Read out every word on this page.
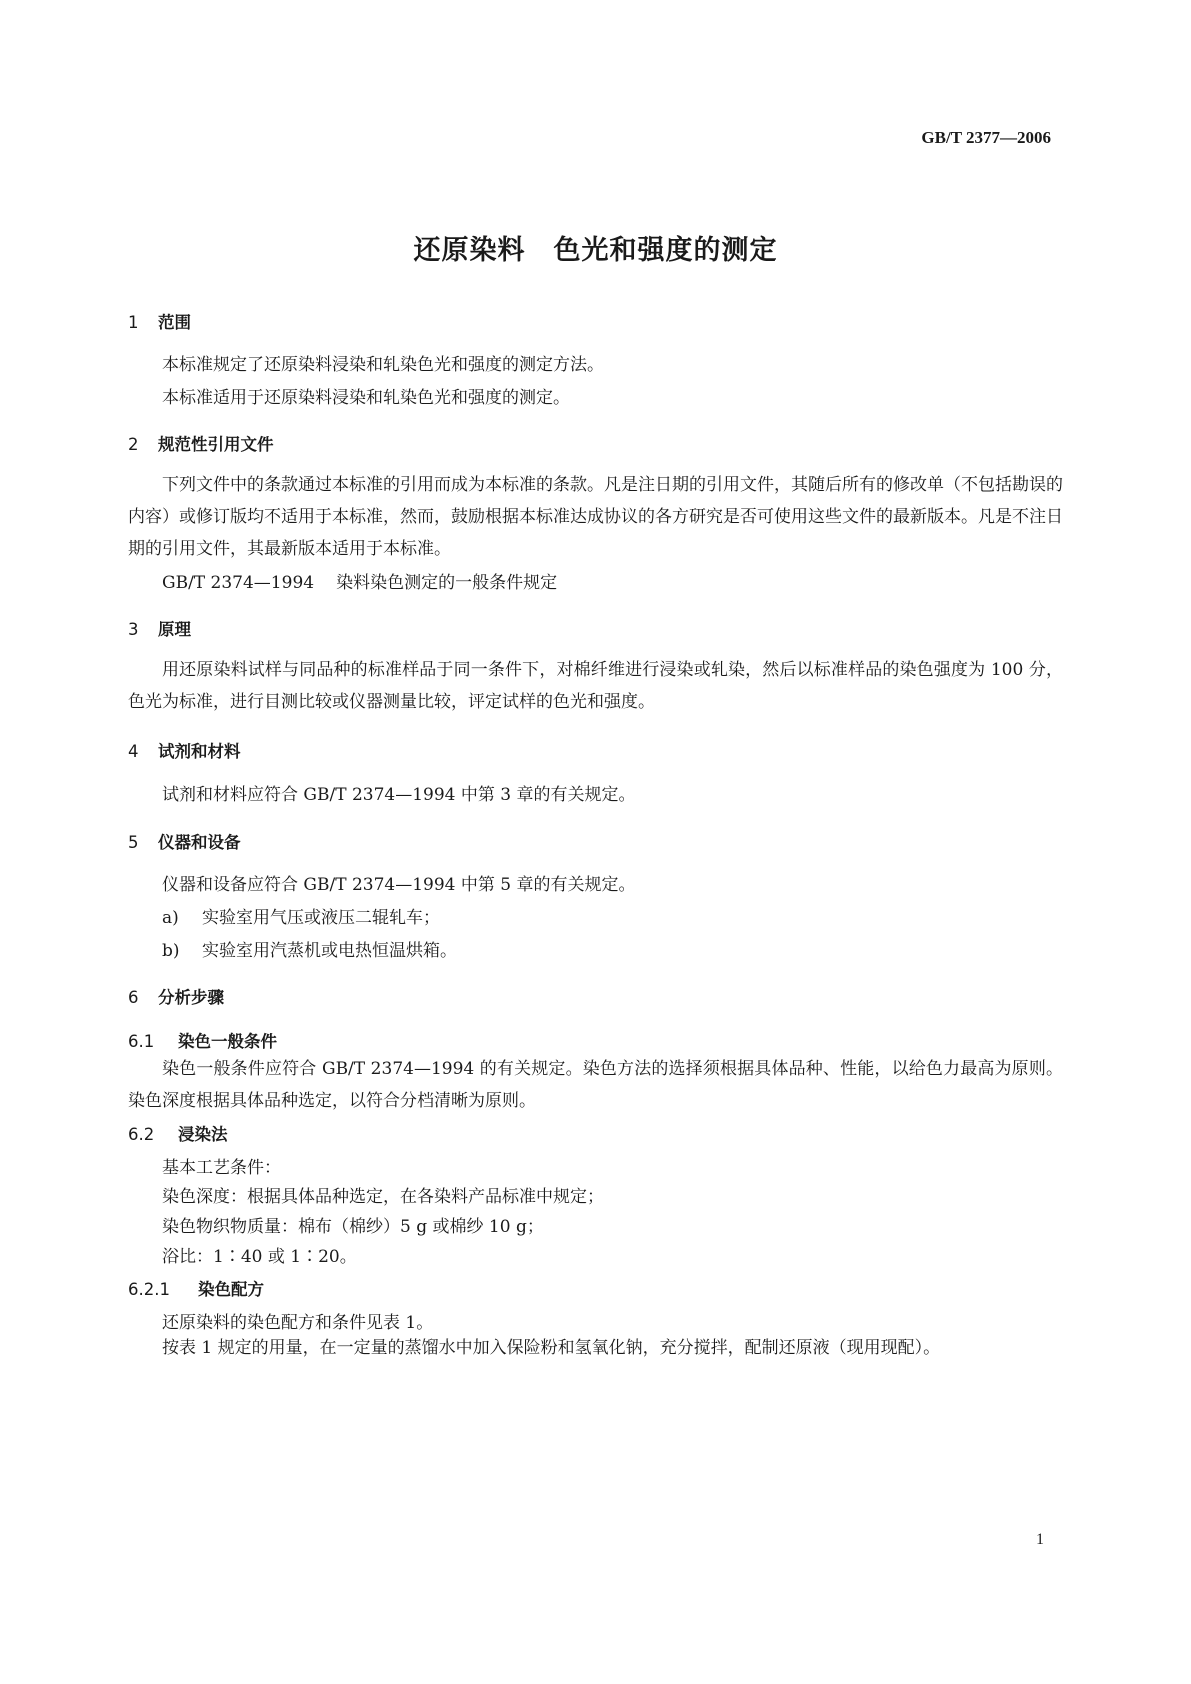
GB/T 2377—2006
还原染料　色光和强度的测定
1 范围
本标准规定了还原染料浸染和轧染色光和强度的测定方法。
本标准适用于还原染料浸染和轧染色光和强度的测定。
2 规范性引用文件
下列文件中的条款通过本标准的引用而成为本标准的条款。凡是注日期的引用文件，其随后所有的修改单（不包括勘误的内容）或修订版均不适用于本标准，然而，鼓励根据本标准达成协议的各方研究是否可使用这些文件的最新版本。凡是不注日期的引用文件，其最新版本适用于本标准。
GB/T 2374—1994 染料染色测定的一般条件规定
3 原理
用还原染料试样与同品种的标准样品于同一条件下，对棉纤维进行浸染或轧染，然后以标准样品的染色强度为 100 分，色光为标准，进行目测比较或仪器测量比较，评定试样的色光和强度。
4 试剂和材料
试剂和材料应符合 GB/T 2374—1994 中第 3 章的有关规定。
5 仪器和设备
仪器和设备应符合 GB/T 2374—1994 中第 5 章的有关规定。
a) 实验室用气压或液压二辊轧车；
b) 实验室用汽蒸机或电热恒温烘箱。
6 分析步骤
6.1 染色一般条件
染色一般条件应符合 GB/T 2374—1994 的有关规定。染色方法的选择须根据具体品种、性能，以给色力最高为原则。染色深度根据具体品种选定，以符合分档清晰为原则。
6.2 浸染法
基本工艺条件：
染色深度：根据具体品种选定，在各染料产品标准中规定；
染色物织物质量：棉布（棉纱）5 g 或棉纱 10 g；
浴比：1∶40 或 1∶20。
6.2.1 染色配方
还原染料的染色配方和条件见表 1。
按表 1 规定的用量，在一定量的蒸馏水中加入保险粉和氢氧化钠，充分搅拌，配制还原液（现用现配）。
1
